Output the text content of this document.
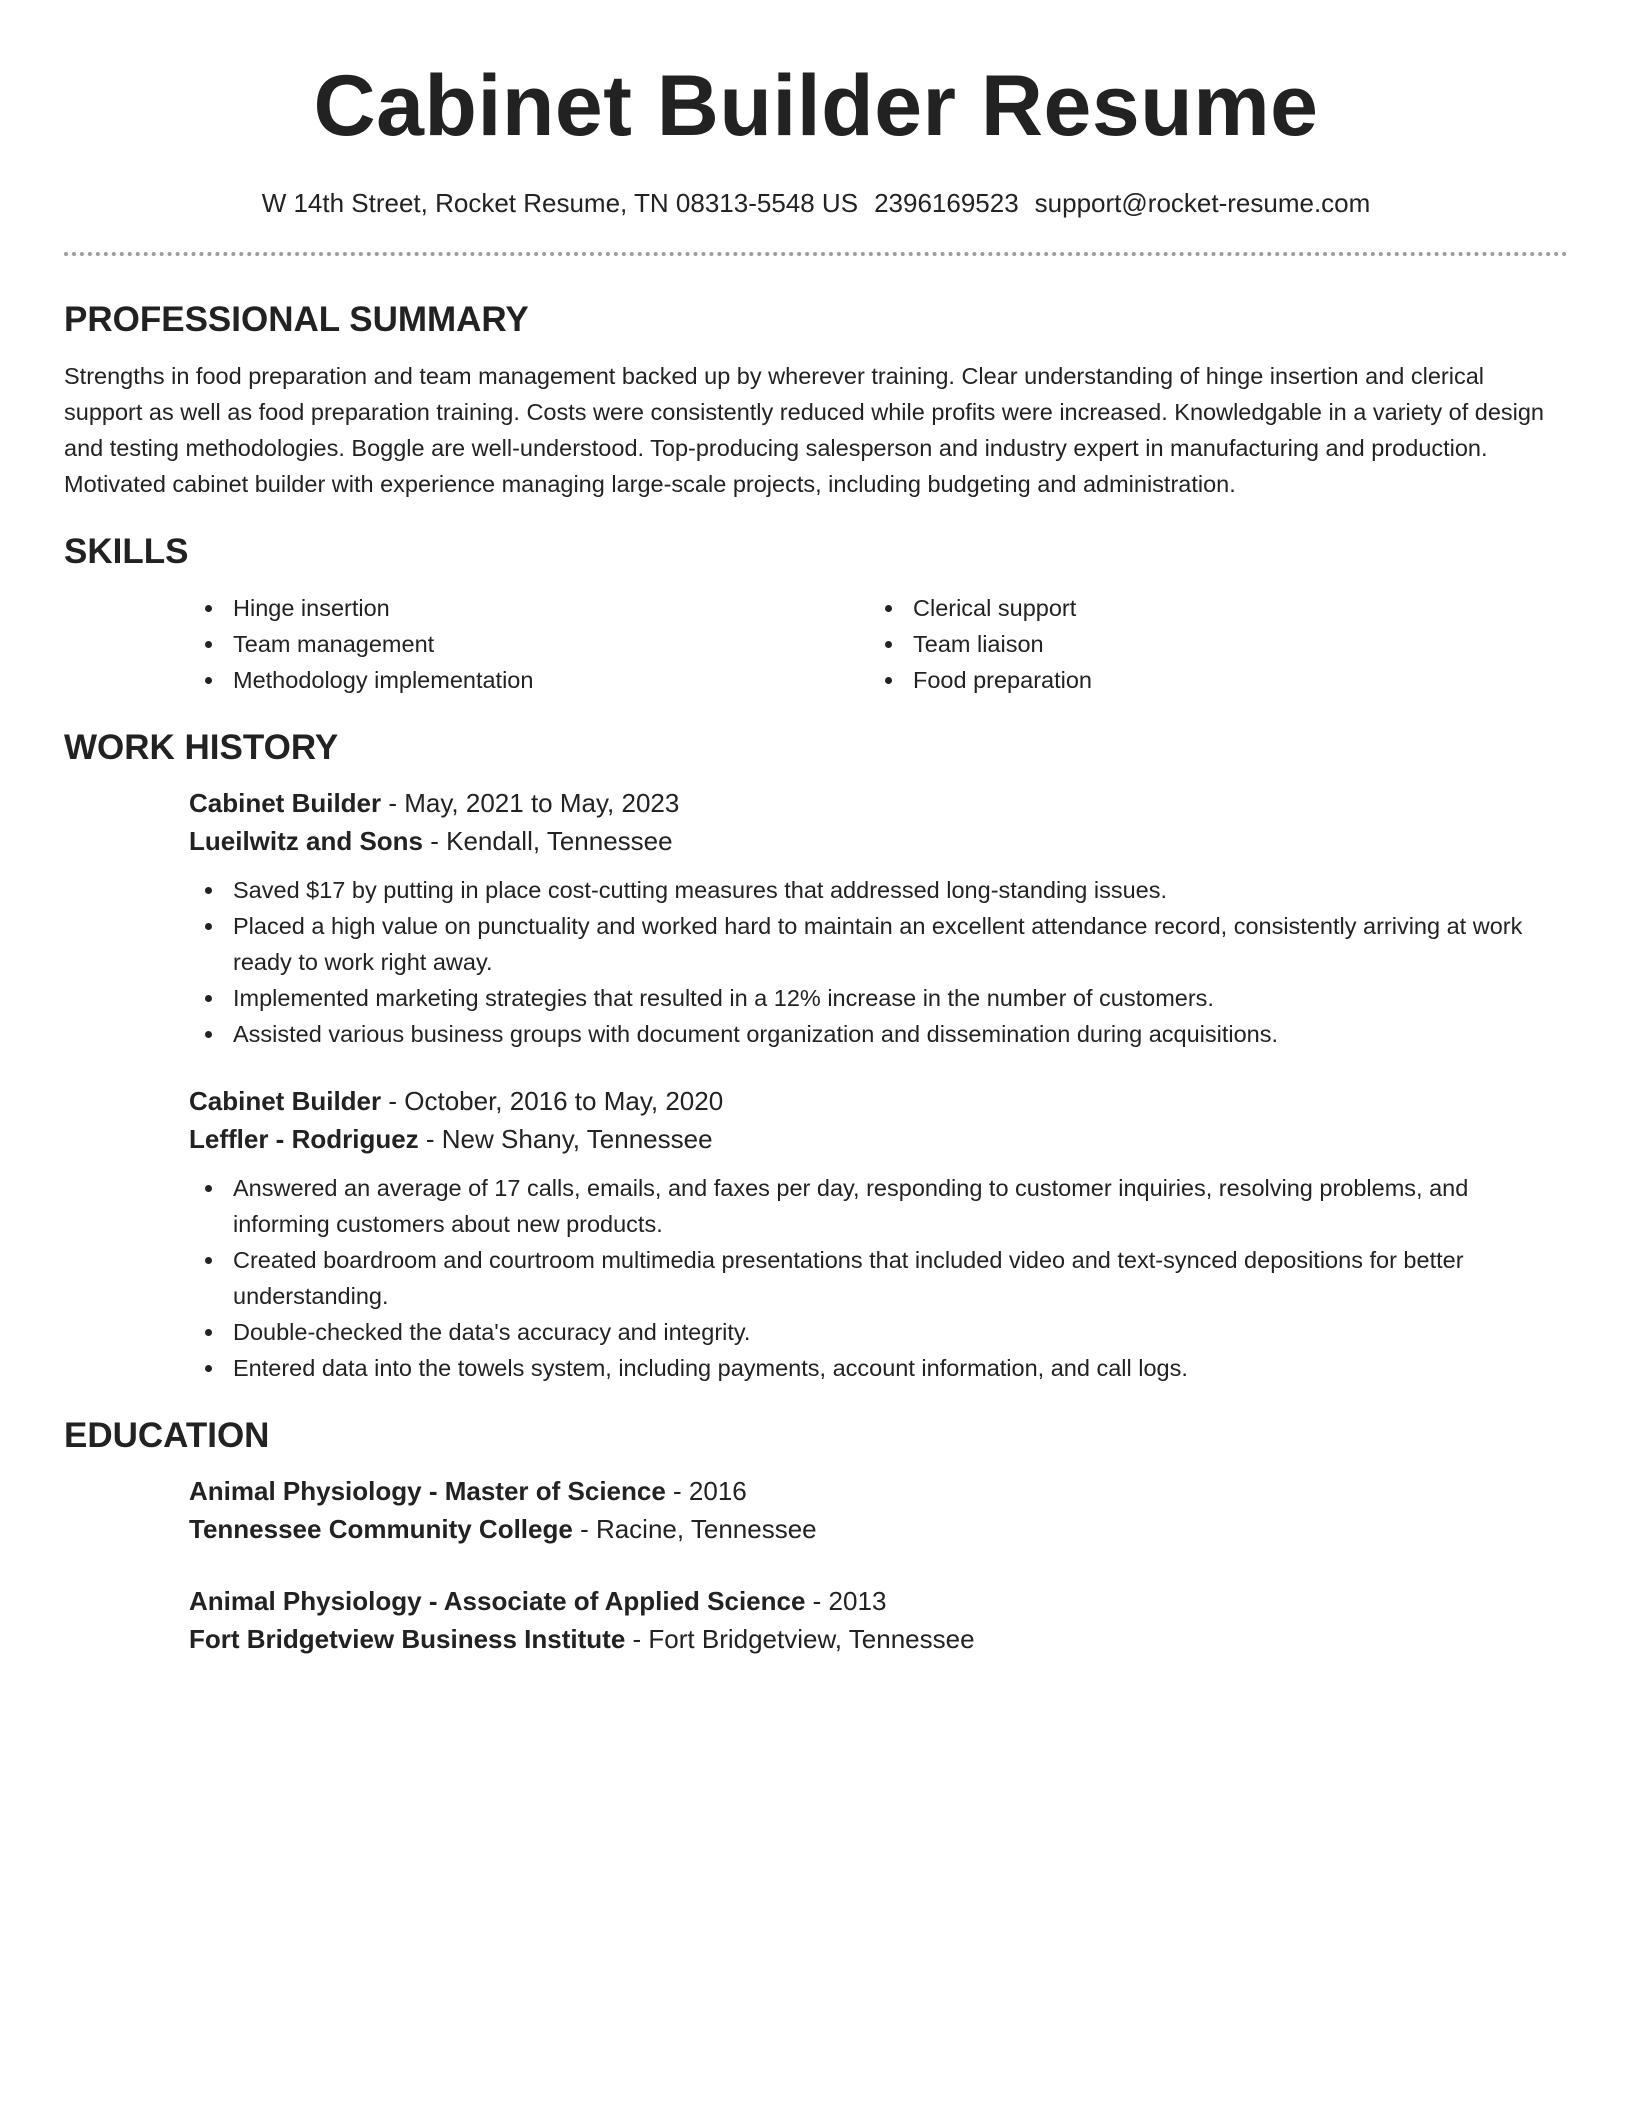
Cabinet Builder Resume
W 14th Street, Rocket Resume, TN 08313-5548 US 2396169523 support@rocket-resume.com
PROFESSIONAL SUMMARY

Strengths in food preparation and team management backed up by wherever training. Clear understanding of hinge insertion and clerical support as well as food preparation training. Costs were consistently reduced while profits were increased. Knowledgable in a variety of design and testing methodologies. Boggle are well-understood. Top-producing salesperson and industry expert in manufacturing and production. Motivated cabinet builder with experience managing large-scale projects, including budgeting and administration.

SKILLS
Hinge insertion
Team management
Methodology implementation
Clerical support
Team liaison
Food preparation
WORK HISTORY
Cabinet Builder - May, 2021 to May, 2023
Lueilwitz and Sons - Kendall, Tennessee
Saved $17 by putting in place cost-cutting measures that addressed long-standing issues.
Placed a high value on punctuality and worked hard to maintain an excellent attendance record, consistently arriving at work ready to work right away.
Implemented marketing strategies that resulted in a 12% increase in the number of customers.
Assisted various business groups with document organization and dissemination during acquisitions.
Cabinet Builder - October, 2016 to May, 2020
Leffler - Rodriguez - New Shany, Tennessee
Answered an average of 17 calls, emails, and faxes per day, responding to customer inquiries, resolving problems, and informing customers about new products.
Created boardroom and courtroom multimedia presentations that included video and text-synced depositions for better understanding.
Double-checked the data's accuracy and integrity.
Entered data into the towels system, including payments, account information, and call logs.
EDUCATION
Animal Physiology - Master of Science - 2016
Tennessee Community College - Racine, Tennessee
Animal Physiology - Associate of Applied Science - 2013
Fort Bridgetview Business Institute - Fort Bridgetview, Tennessee
